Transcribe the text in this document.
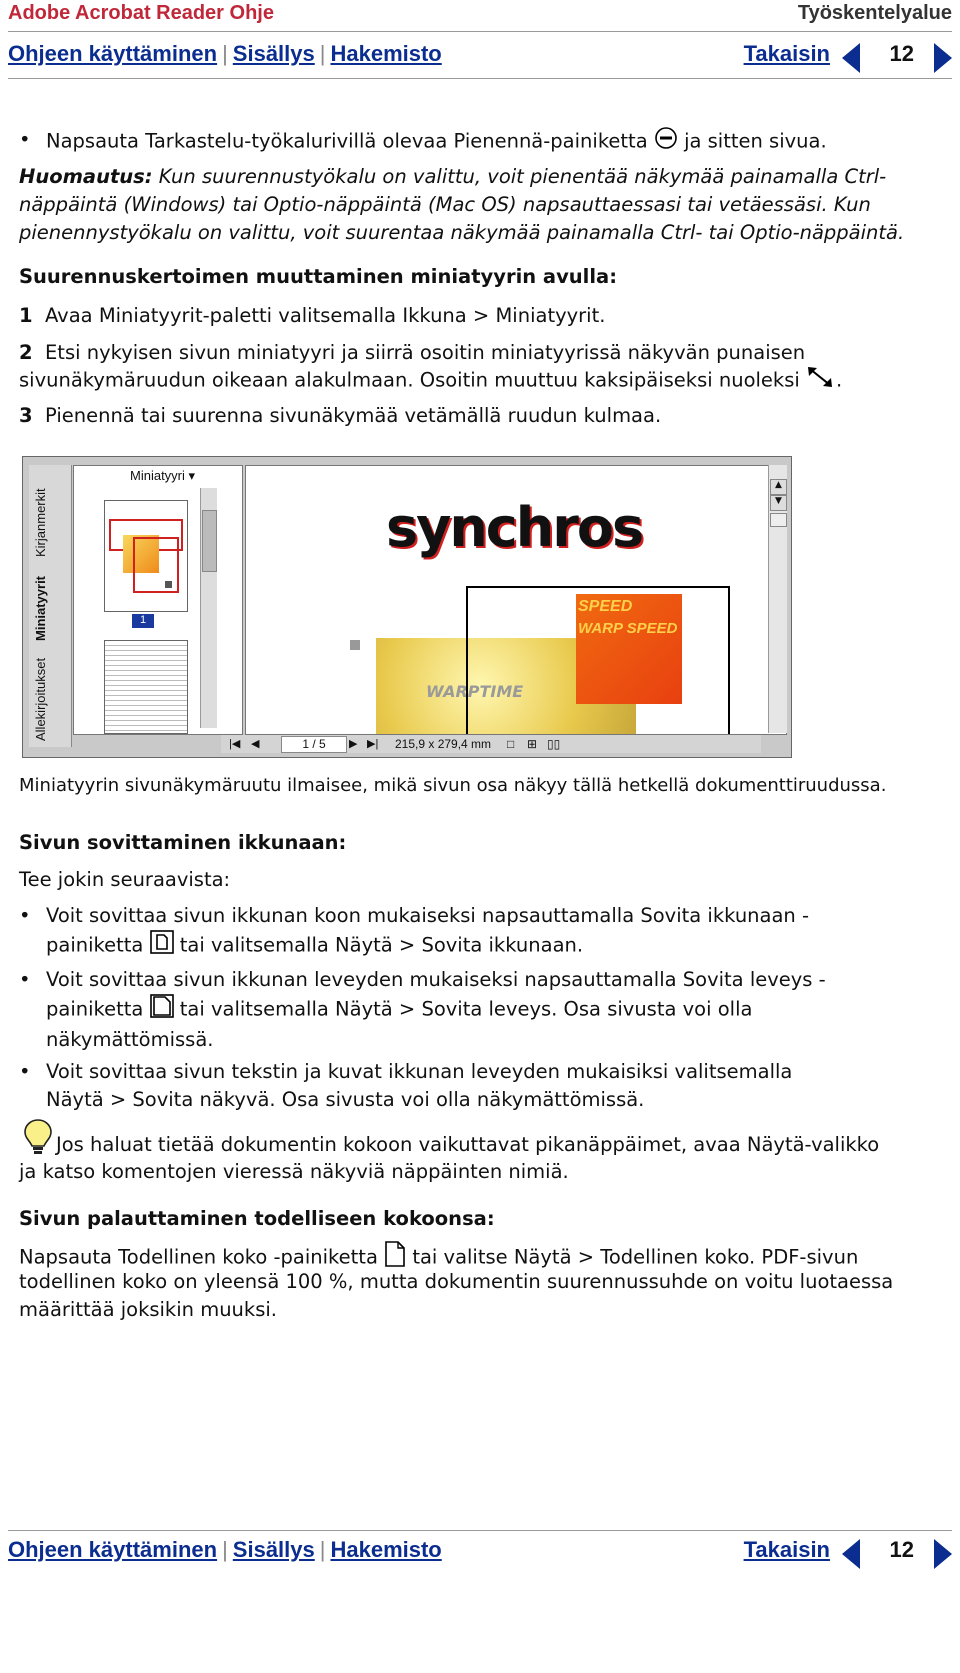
Adobe Acrobat Reader Ohje	Työskentelyalue
Ohjeen käyttäminen | Sisällys | Hakemisto	Takaisin	12
• Napsauta Tarkastelu-työkalurivillä olevaa Pienennä-painiketta ja sitten sivua.
Huomautus: Kun suurennustyökalu on valittu, voit pienentää näkymää painamalla Ctrl-
näppäintä (Windows) tai Optio-näppäintä (Mac OS) napsauttaessasi tai vetäessäsi. Kun
pienennystyökalu on valittu, voit suurentaa näkymää painamalla Ctrl- tai Optio-näppäintä.
Suurennuskertoimen muuttaminen miniatyyrin avulla:
1 Avaa Miniatyyrit-paletti valitsemalla Ikkuna > Miniatyyrit.
2 Etsi nykyisen sivun miniatyyri ja siirrä osoitin miniatyyrissä näkyvän punaisen
sivunäkymäruudun oikeaan alakulmaan. Osoitin muuttuu kaksipäiseksi nuoleksi .
3 Pienennä tai suurenna sivunäkymää vetämällä ruudun kulmaa.
Kirjanmerkit
Miniatyyrit
Allekirjoitukset
Miniatyyri ▾
1
synchros
WARPTIME
SPEED
WARP SPEED
▲
▼
|◀ ◀	1 / 5	▶ ▶| 215,9 x 279,4 mm □ ⊞ ▯▯
Miniatyyrin sivunäkymäruutu ilmaisee, mikä sivun osa näkyy tällä hetkellä dokumenttiruudussa.
Sivun sovittaminen ikkunaan:
Tee jokin seuraavista:
• Voit sovittaa sivun ikkunan koon mukaiseksi napsauttamalla Sovita ikkunaan -
painiketta tai valitsemalla Näytä > Sovita ikkunaan.
• Voit sovittaa sivun ikkunan leveyden mukaiseksi napsauttamalla Sovita leveys -
painiketta tai valitsemalla Näytä > Sovita leveys. Osa sivusta voi olla
näkymättömissä.
• Voit sovittaa sivun tekstin ja kuvat ikkunan leveyden mukaisiksi valitsemalla
Näytä > Sovita näkyvä. Osa sivusta voi olla näkymättömissä.
Jos haluat tietää dokumentin kokoon vaikuttavat pikanäppäimet, avaa Näytä-valikko
ja katso komentojen vieressä näkyviä näppäinten nimiä.
Sivun palauttaminen todelliseen kokoonsa:
Napsauta Todellinen koko -painiketta tai valitse Näytä > Todellinen koko. PDF-sivun
todellinen koko on yleensä 100 %, mutta dokumentin suurennussuhde on voitu luotaessa
määrittää joksikin muuksi.
Ohjeen käyttäminen | Sisällys | Hakemisto	Takaisin	12
